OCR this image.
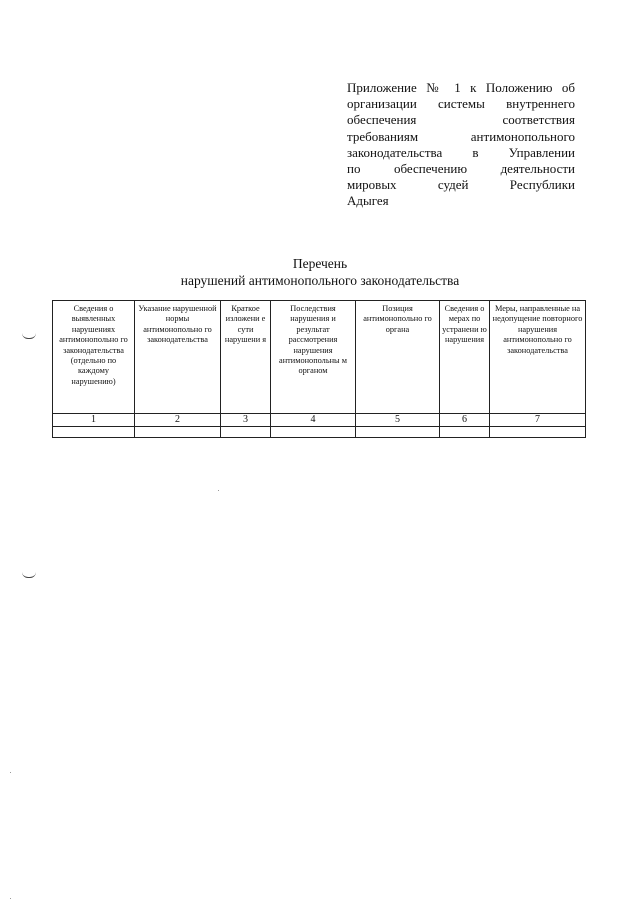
Приложение № 1 к Положению об

организации системы внутреннего

обеспечения соответствия

требованиям антимонопольного

законодательства в Управлении

по обеспечению деятельности

мировых судей Республики

Адыгея

Перечень
нарушений антимонопольного законодательства
Сведения о выявленных нарушениях антимонопольно го законодательства (отдельно по каждому нарушению)	Указание нарушенной нормы антимонопольно го законодательства	Краткое изложени е сути нарушени я	Последствия нарушения и результат рассмотрения нарушения антимонопольны м органом	Позиция антимонопольно го органа	Сведения о мерах по устранени ю нарушения	Меры, направленные на недопущение повторного нарушения антимонопольно го законодательства

1	2	3	4	5	6	7
